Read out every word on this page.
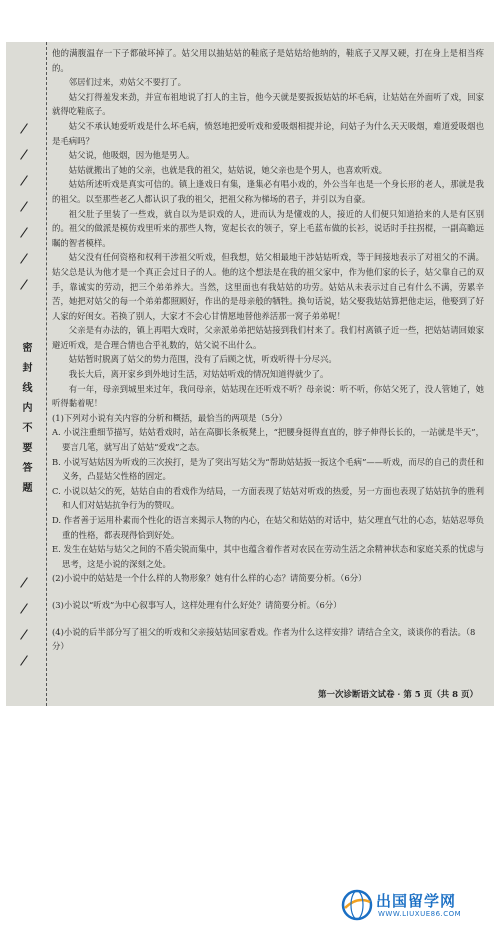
密封线内不要答题

他的满腹温存一下子都破坏掉了。姑父用以抽姑姑的鞋底子是姑姑给他纳的，鞋底子又厚又硬，打在身上是相当疼的。

邻居们过来，劝姑父不要打了。

姑父打得羞发来劲，并宣布祖地说了打人的主旨，他今天就是要扳扳姑姑的坏毛病，让姑姑在外面听了戏，回家就得吃鞋底子。

姑父不承认她爱听戏是什么坏毛病，愤怒地把爱听戏和爱吸烟相提并论，问姑子为什么天天吸烟，难道爱吸烟也是毛病吗？

姑父说，他吸烟，因为他是男人。

姑姑就搬出了她的父亲，也就是我的祖父，姑姑说，她父亲也是个男人，也喜欢听戏。

姑姑所述听戏是真实可信的。镇上逢戏日有集，逢集必有唱小戏的，外公当年也是一个身长形的老人，那就是我的祖父。以至那些老乙人都认识了我的祖父，把祖父称为梯场的君子，并引以为自豪。

祖父肚子里装了一些戏，就自以为是识戏的人，进而认为是懂戏的人，接近的人们便只知道拾来的人是有区别的。祖父的做派是模仿戏里听来的那些人物，宽起长衣的领子，穿上毛蓝布做的长衫，说话时手拄拐棍，一副高瞻远瞩的智者模样。

姑父没有任何资格和权利干涉祖父听戏，但我想，姑父相最地干涉姑姑听戏，等于间接地表示了对祖父的不满。姑父总是认为他才是一个真正会过日子的人。他的这个想法是在我的祖父家中，作为他们家的长子，姑父靠自己的双手，靠诚实的劳动，把三个弟弟养大。当然，这里面也有我姑姑的功劳。姑姑从未表示过自己有什么不满，劳累辛苦，她把对姑父的每一个弟弟都照顾好，作出的是母亲般的牺牲。换句话说，姑父娶我姑姑算把他走运，他娶到了好人家的好闺女。若换了别人，大家才不会心甘情愿地替他养活那一窝子弟弟呢！

父亲是有办法的，镇上再唱大戏时，父亲派弟弟把姑姑接到我们村来了。我们村离镇子近一些，把姑姑请回娘家避近听戏，是合理合情也合乎礼数的，姑父说不出什么。

姑姑暂时脱离了姑父的势力范围，没有了后顾之忧，听戏听得十分尽兴。

我长大后，离开家乡到外地讨生活，对姑姑听戏的情况知道得就少了。

有一年，母亲到城里来过年，我问母亲，姑姑现在还听戏不听？母亲说：听不听，你姑父死了，没人管她了，她听得黏着呢！

(1)下列对小说有关内容的分析和概括，最恰当的两项是（5分）
A. 小说注重细节描写，姑姑看戏时，站在高脚长条板凳上，“把腰身挺得直直的，脖子伸得长长的，一站就是半天”，要言几笔，就写出了姑姑“爱戏”之态。
B. 小说写姑姑因为听戏的三次挨打，是为了突出写姑父为“帮助姑姑扳一扳这个毛病”——听戏，而尽的自己的责任和义务，凸显姑父性格的固定。
C. 小说以姑父的死，姑姑自由的看戏作为结局，一方面表现了姑姑对听戏的热爱，另一方面也表现了姑姑抗争的胜利和人们对姑姑抗争行为的赞叹。
D. 作者善于运用朴素而个性化的语言来揭示人物的内心，在姑父和姑姑的对话中，姑父理直气壮的心态，姑姑忍辱负重的性格，都表现得恰到好处。
E. 发生在姑姑与姑父之间的不盾尖锐而集中，其中也蕴含着作者对农民在劳动生活之余精神状态和家庭关系的忧虑与思考，这是小说的深刻之处。
(2)小说中的姑姑是一个什么样的人物形象？她有什么样的心态？请简要分析。（6分）
(3)小说以“听戏”为中心叙事写人，这样处理有什么好处？请简要分析。（6分）
(4)小说的后半部分写了祖父的听戏和父亲接姑姑回家看戏。作者为什么这样安排？请结合全文，谈谈你的看法。（8分）
第一次诊断语文试卷 · 第 5 页（共 8 页）
出国留学网
WWW.LIUXUE86.COM
